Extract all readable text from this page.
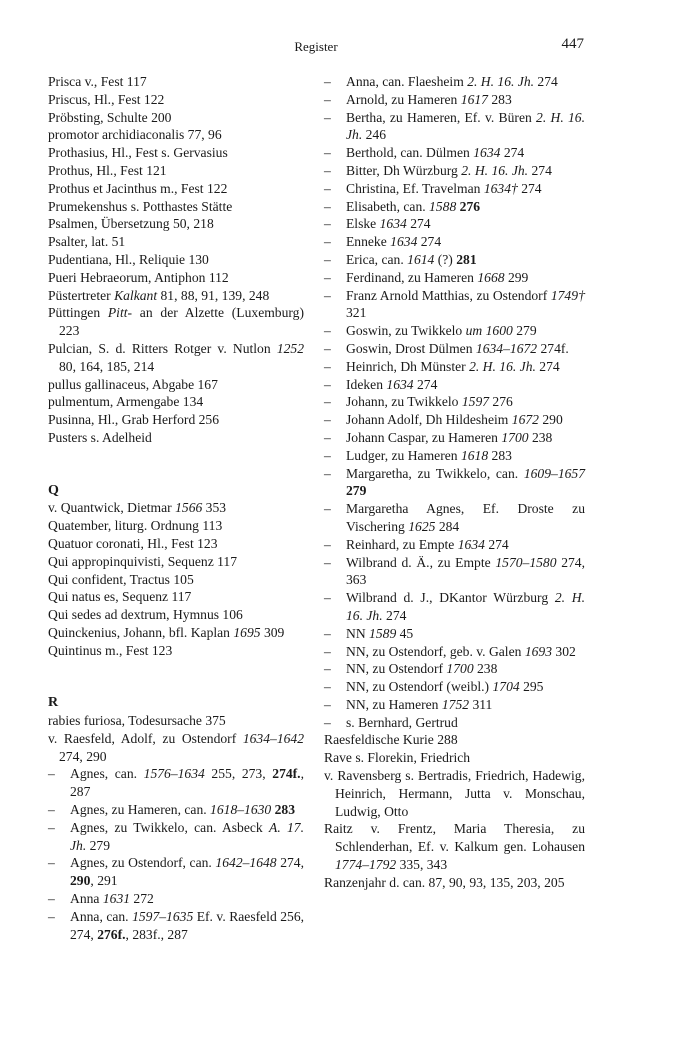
Register	447
Prisca v., Fest 117
Priscus, Hl., Fest 122
Pröbsting, Schulte 200
promotor archidiaconalis 77, 96
Prothasius, Hl., Fest s. Gervasius
Prothus, Hl., Fest 121
Prothus et Jacinthus m., Fest 122
Prumekenshus s. Potthastes Stätte
Psalmen, Übersetzung 50, 218
Psalter, lat. 51
Pudentiana, Hl., Reliquie 130
Pueri Hebraeorum, Antiphon 112
Püstertreter Kalkant 81, 88, 91, 139, 248
Püttingen Pitt- an der Alzette (Luxemburg) 223
Pulcian, S. d. Ritters Rotger v. Nutlon 1252 80, 164, 185, 214
pullus gallinaceus, Abgabe 167
pulmentum, Armengabe 134
Pusinna, Hl., Grab Herford 256
Pusters s. Adelheid
Q
v. Quantwick, Dietmar 1566 353
Quatember, liturg. Ordnung 113
Quatuor coronati, Hl., Fest 123
Qui appropinquivisti, Sequenz 117
Qui confident, Tractus 105
Qui natus es, Sequenz 117
Qui sedes ad dextrum, Hymnus 106
Quinckenius, Johann, bfl. Kaplan 1695 309
Quintinus m., Fest 123
R
rabies furiosa, Todesursache 375
v. Raesfeld, Adolf, zu Ostendorf 1634–1642 274, 290
– Agnes, can. 1576–1634 255, 273, 274f., 287
– Agnes, zu Hameren, can. 1618–1630 283
– Agnes, zu Twikkelo, can. Asbeck A. 17. Jh. 279
– Agnes, zu Ostendorf, can. 1642–1648 274, 290, 291
– Anna 1631 272
– Anna, can. 1597–1635 Ef. v. Raesfeld 256, 274, 276f., 283f., 287
– Anna, can. Flaesheim 2. H. 16. Jh. 274
– Arnold, zu Hameren 1617 283
– Bertha, zu Hameren, Ef. v. Büren 2. H. 16. Jh. 246
– Berthold, can. Dülmen 1634 274
– Bitter, Dh Würzburg 2. H. 16. Jh. 274
– Christina, Ef. Travelman 1634† 274
– Elisabeth, can. 1588 276
– Elske 1634 274
– Enneke 1634 274
– Erica, can. 1614 (?) 281
– Ferdinand, zu Hameren 1668 299
– Franz Arnold Matthias, zu Ostendorf 1749† 321
– Goswin, zu Twikkelo um 1600 279
– Goswin, Drost Dülmen 1634–1672 274f.
– Heinrich, Dh Münster 2. H. 16. Jh. 274
– Ideken 1634 274
– Johann, zu Twikkelo 1597 276
– Johann Adolf, Dh Hildesheim 1672 290
– Johann Caspar, zu Hameren 1700 238
– Ludger, zu Hameren 1618 283
– Margaretha, zu Twikkelo, can. 1609–1657 279
– Margaretha Agnes, Ef. Droste zu Vischering 1625 284
– Reinhard, zu Empte 1634 274
– Wilbrand d. Ä., zu Empte 1570–1580 274, 363
– Wilbrand d. J., DKantor Würzburg 2. H. 16. Jh. 274
– NN 1589 45
– NN, zu Ostendorf, geb. v. Galen 1693 302
– NN, zu Ostendorf 1700 238
– NN, zu Ostendorf (weibl.) 1704 295
– NN, zu Hameren 1752 311
– s. Bernhard, Gertrud
Raesfeldische Kurie 288
Rave s. Florekin, Friedrich
v. Ravensberg s. Bertradis, Friedrich, Hadewig, Heinrich, Hermann, Jutta v. Monschau, Ludwig, Otto
Raitz v. Frentz, Maria Theresia, zu Schlenderhan, Ef. v. Kalkum gen. Lohausen 1774–1792 335, 343
Ranzenjahr d. can. 87, 90, 93, 135, 203, 205
